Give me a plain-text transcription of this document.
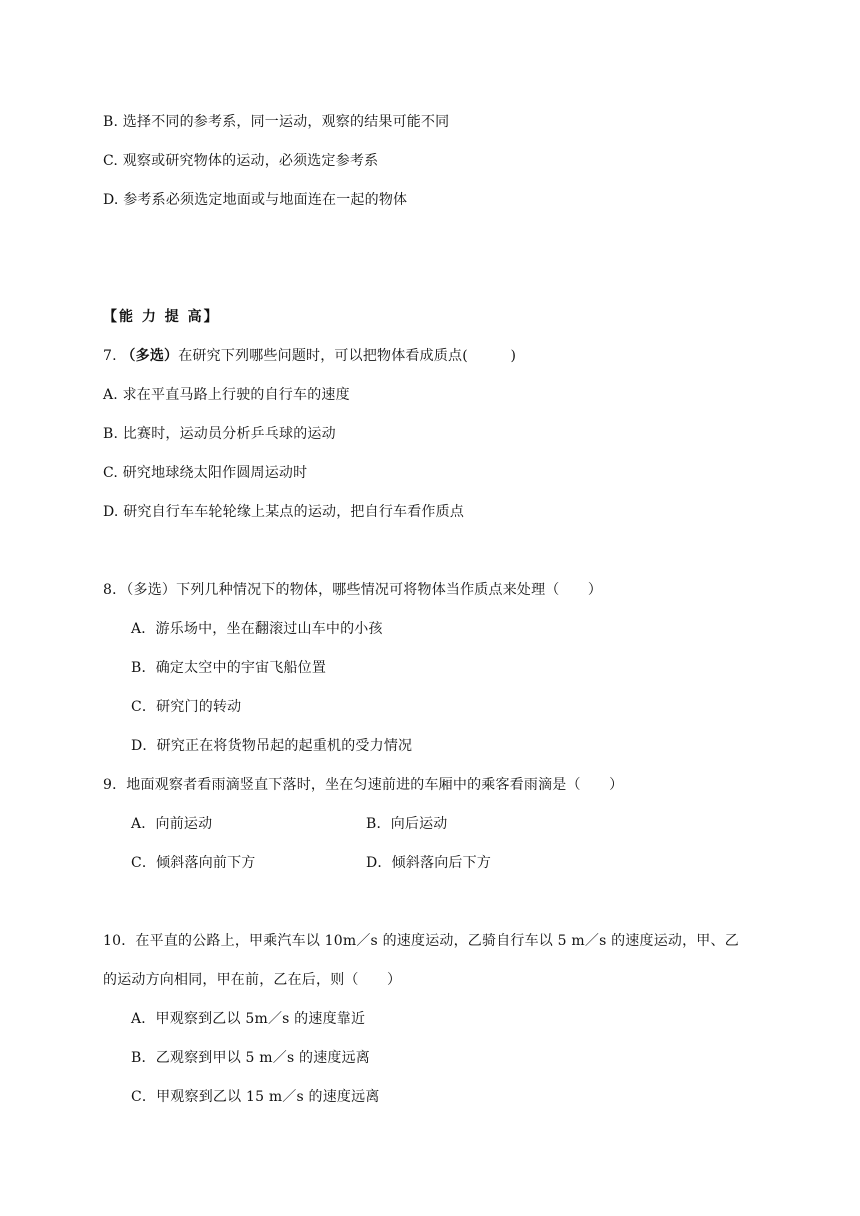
B. 选择不同的参考系，同一运动，观察的结果可能不同
C. 观察或研究物体的运动，必须选定参考系
D. 参考系必须选定地面或与地面连在一起的物体
【能 力 提 高】
7. （多选）在研究下列哪些问题时，可以把物体看成质点(　　　)
A. 求在平直马路上行驶的自行车的速度
B. 比赛时，运动员分析乒乓球的运动
C. 研究地球绕太阳作圆周运动时
D. 研究自行车车轮轮缘上某点的运动，把自行车看作质点
8．（多选）下列几种情况下的物体，哪些情况可将物体当作质点来处理（　　）
A．游乐场中，坐在翻滚过山车中的小孩
B．确定太空中的宇宙飞船位置
C．研究门的转动
D．研究正在将货物吊起的起重机的受力情况
9．地面观察者看雨滴竖直下落时，坐在匀速前进的车厢中的乘客看雨滴是（　　）
A．向前运动	B．向后运动
C．倾斜落向前下方	D．倾斜落向后下方
10．在平直的公路上，甲乘汽车以 10m／s 的速度运动，乙骑自行车以 5 m／s 的速度运动，甲、乙
的运动方向相同，甲在前，乙在后，则（　　）
A．甲观察到乙以 5m／s 的速度靠近
B．乙观察到甲以 5 m／s 的速度远离
C．甲观察到乙以 15 m／s 的速度远离
